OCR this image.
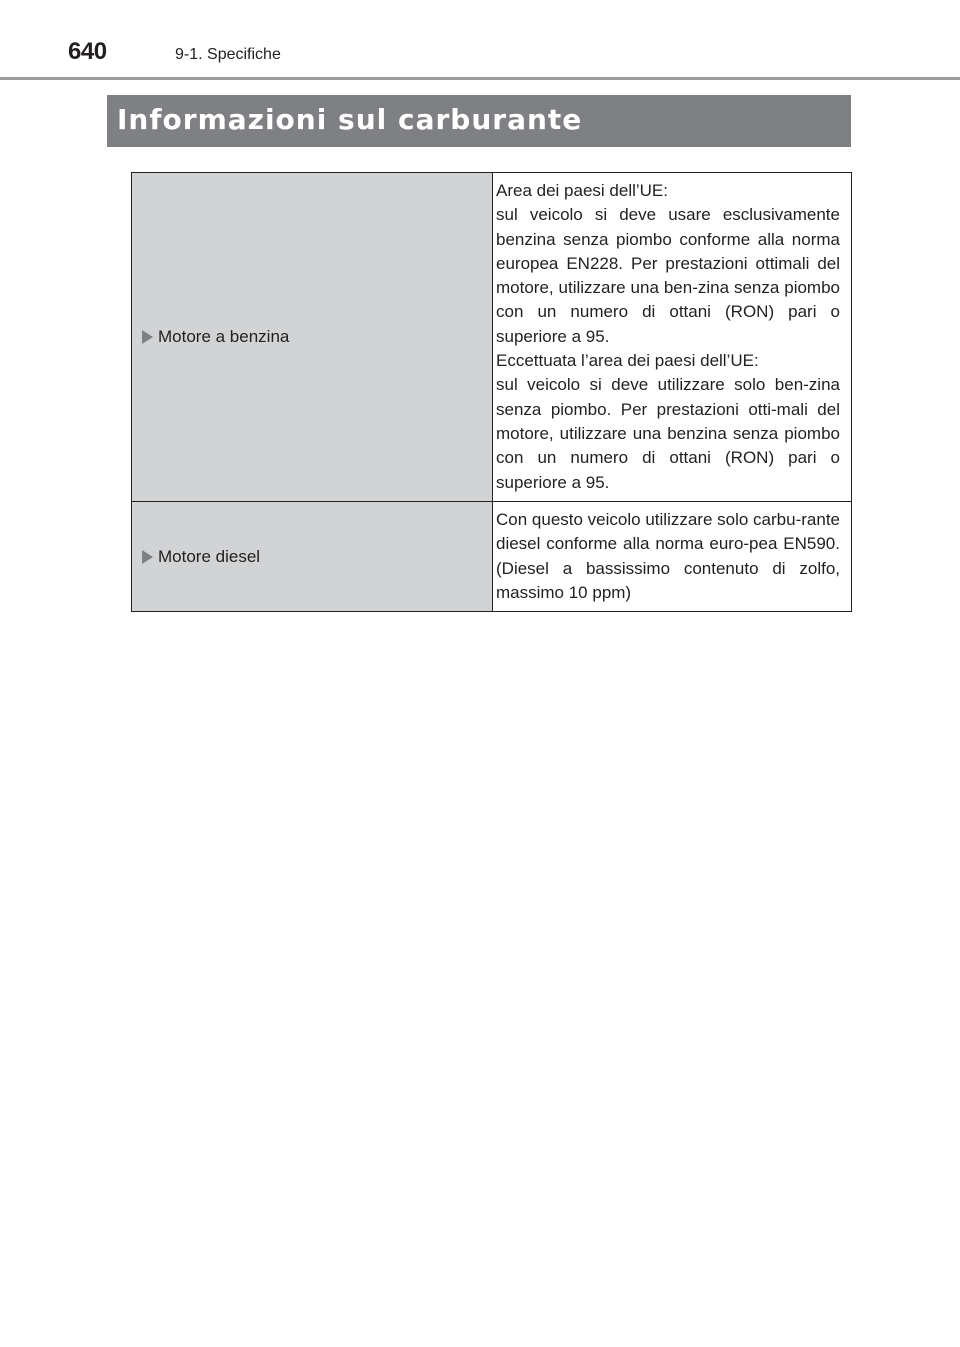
640	9-1. Specifiche
Informazioni sul carburante
Motore a benzina	Area dei paesi dell’UE:

sul veicolo si deve usare esclusivamente benzina senza piombo conforme alla norma europea EN228. Per prestazioni ottimali del motore, utilizzare una ben-zina senza piombo con un numero di ottani (RON) pari o superiore a 95.

Eccettuata l’area dei paesi dell’UE:

sul veicolo si deve utilizzare solo ben-zina senza piombo. Per prestazioni otti-mali del motore, utilizzare una benzina senza piombo con un numero di ottani (RON) pari o superiore a 95.

Motore diesel	Con questo veicolo utilizzare solo carbu-rante diesel conforme alla norma euro-pea EN590. (Diesel a bassissimo contenuto di zolfo, massimo 10 ppm)
